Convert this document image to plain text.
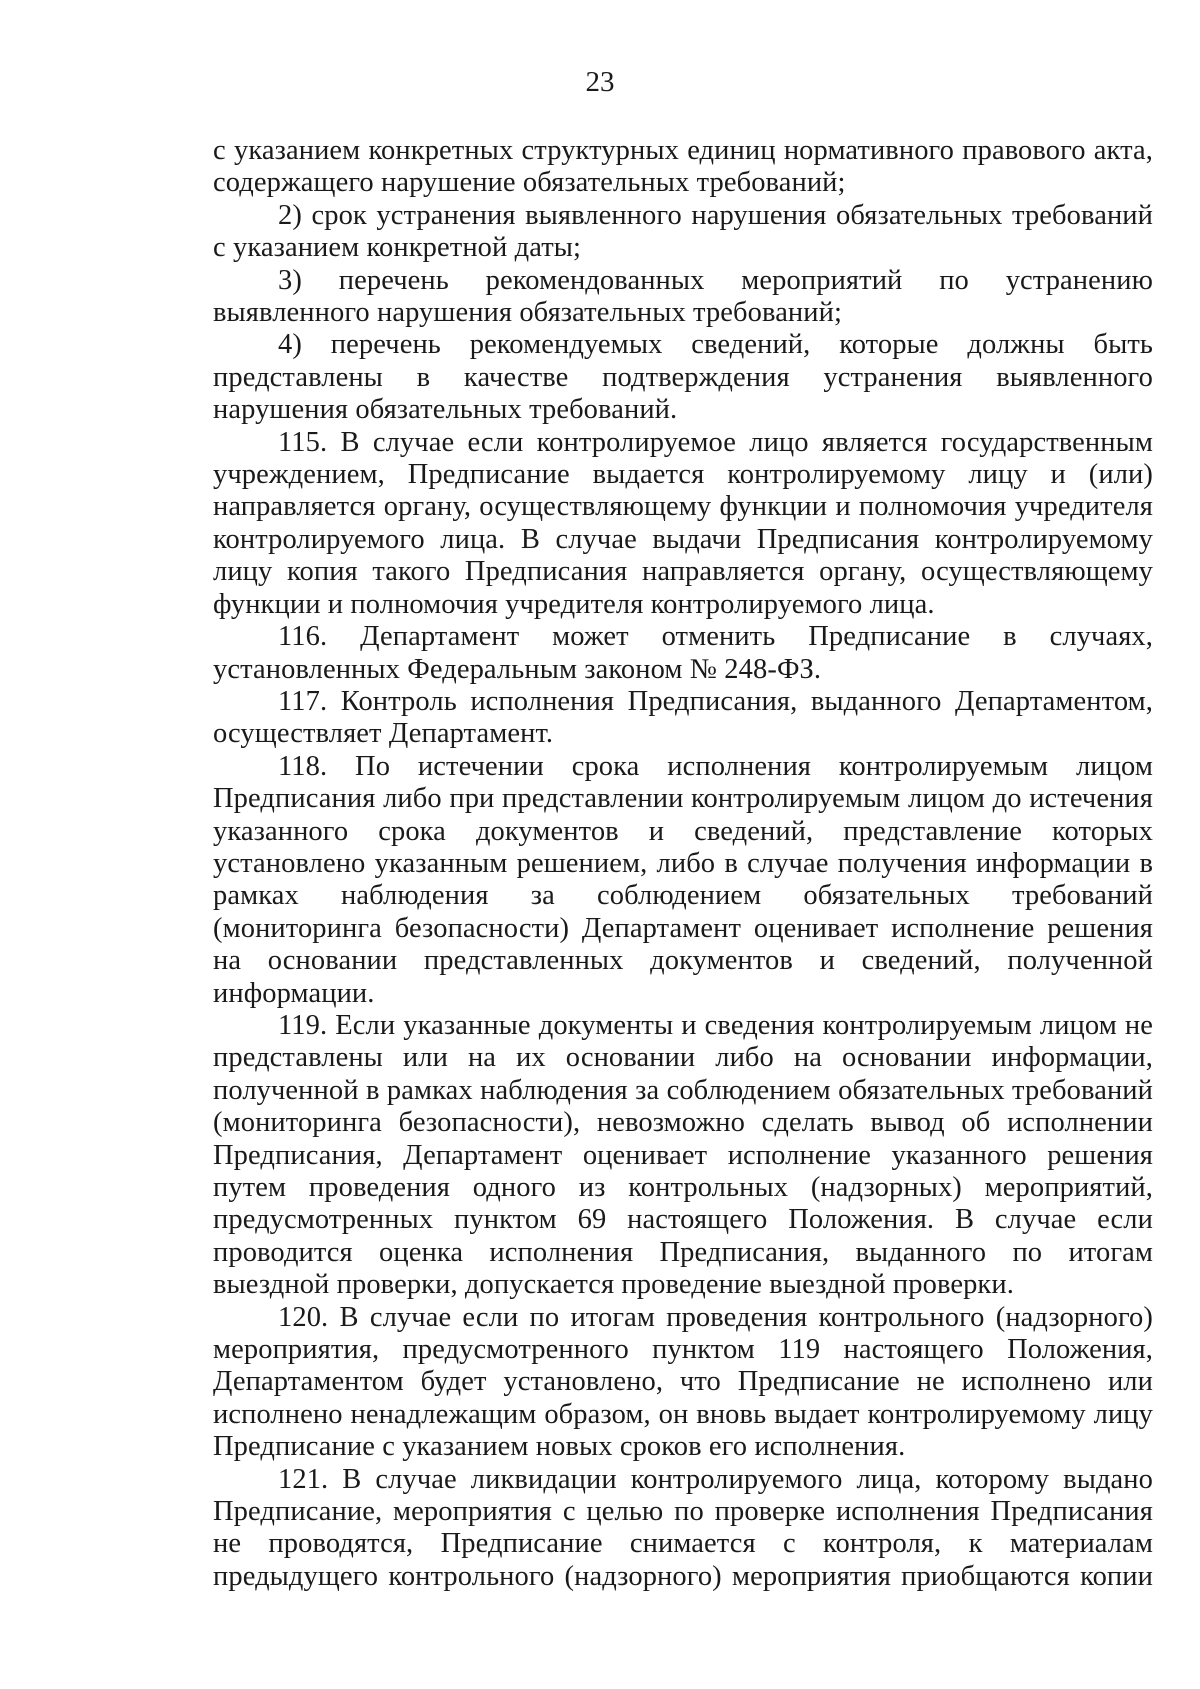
23

с указанием конкретных структурных единиц нормативного правового акта, содержащего нарушение обязательных требований;

2) срок устранения выявленного нарушения обязательных требований с указанием конкретной даты;

3) перечень рекомендованных мероприятий по устранению выявленного нарушения обязательных требований;

4) перечень рекомендуемых сведений, которые должны быть представлены в качестве подтверждения устранения выявленного нарушения обязательных требований.

115. В случае если контролируемое лицо является государственным учреждением, Предписание выдается контролируемому лицу и (или) направляется органу, осуществляющему функции и полномочия учредителя контролируемого лица. В случае выдачи Предписания контролируемому лицу копия такого Предписания направляется органу, осуществляющему функции и полномочия учредителя контролируемого лица.

116. Департамент может отменить Предписание в случаях, установленных Федеральным законом № 248-ФЗ.

117. Контроль исполнения Предписания, выданного Департаментом, осуществляет Департамент.

118. По истечении срока исполнения контролируемым лицом Предписания либо при представлении контролируемым лицом до истечения указанного срока документов и сведений, представление которых установлено указанным решением, либо в случае получения информации в рамках наблюдения за соблюдением обязательных требований (мониторинга безопасности) Департамент оценивает исполнение решения на основании представленных документов и сведений, полученной информации.

119. Если указанные документы и сведения контролируемым лицом не представлены или на их основании либо на основании информации, полученной в рамках наблюдения за соблюдением обязательных требований (мониторинга безопасности), невозможно сделать вывод об исполнении Предписания, Департамент оценивает исполнение указанного решения путем проведения одного из контрольных (надзорных) мероприятий, предусмотренных пунктом 69 настоящего Положения. В случае если проводится оценка исполнения Предписания, выданного по итогам выездной проверки, допускается проведение выездной проверки.

120. В случае если по итогам проведения контрольного (надзорного) мероприятия, предусмотренного пунктом 119 настоящего Положения, Департаментом будет установлено, что Предписание не исполнено или исполнено ненадлежащим образом, он вновь выдает контролируемому лицу Предписание с указанием новых сроков его исполнения.

121. В случае ликвидации контролируемого лица, которому выдано Предписание, мероприятия с целью по проверке исполнения Предписания не проводятся, Предписание снимается с контроля, к материалам предыдущего контрольного (надзорного) мероприятия приобщаются копии
